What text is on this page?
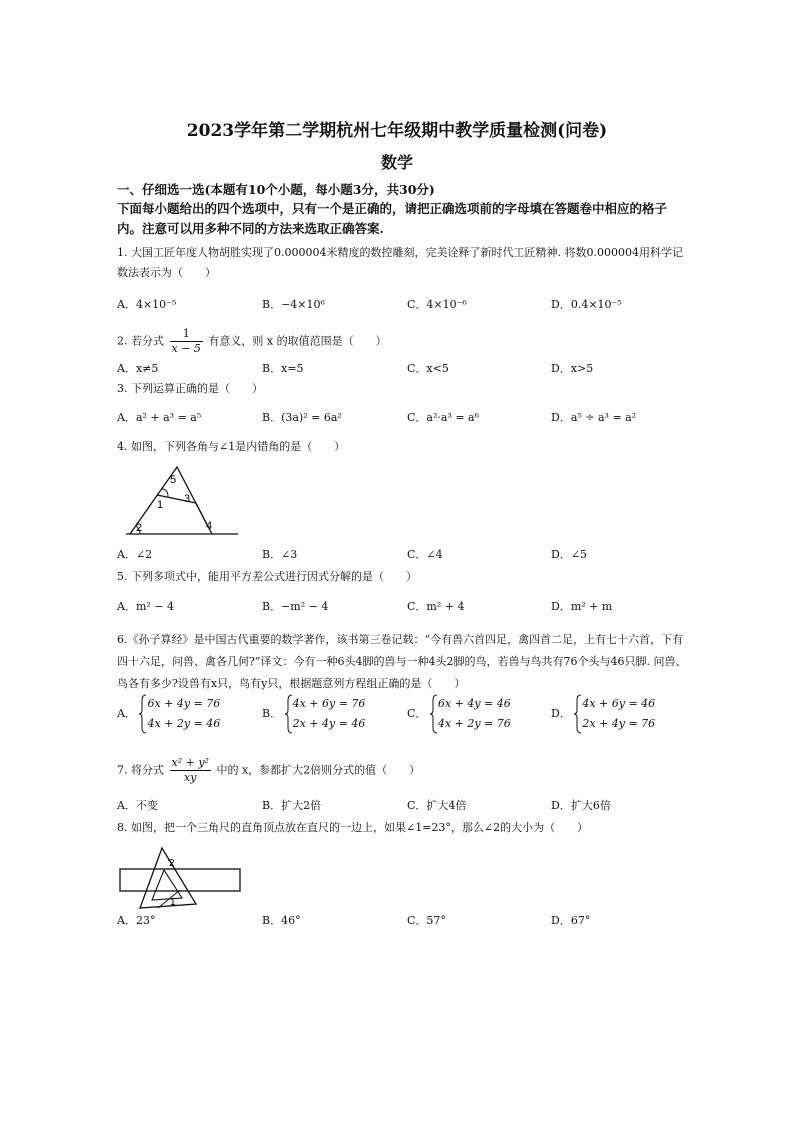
2023学年第二学期杭州七年级期中教学质量检测(问卷)
数学
一、仔细选一选(本题有10个小题，每小题3分，共30分)
下面每小题给出的四个选项中，只有一个是正确的，请把正确选项前的字母填在答题卷中相应的格子内。注意可以用多种不同的方法来选取正确答案.
1. 大国工匠年度人物胡胜实现了0.000004米精度的数控雕刻，完美诠释了新时代工匠精神. 将数0.000004用科学记数法表示为（　　）
A．4×10⁻⁵	B．−4×10⁶	C．4×10⁻⁶	D．0.4×10⁻⁵
2. 若分式 $\frac{1}{x - 5}$ 有意义，则 x 的取值范围是（　　）
A．x≠5	B．x=5	C．x<5	D．x>5
3. 下列运算正确的是（　　）
A．a² + a³ = a⁵	B．(3a)² = 6a²	C．a²·a³ = a⁶	D．a⁵ ÷ a³ = a²
4. 如图，下列各角与∠1是内错角的是（　　）
5
1 3
2	4
A．∠2	B．∠3	C．∠4	D．∠5
5. 下列多项式中，能用平方差公式进行因式分解的是（　　）
A．m² − 4	B．−m² − 4	C．m² + 4	D．m² + m
6.《孙子算经》是中国古代重要的数学著作，该书第三卷记载：“今有兽六首四足，禽四首二足，上有七十六首，下有四十六足，问兽、禽各几何?”译文：今有一种6头4脚的兽与一种4头2脚的鸟，若兽与鸟共有76个头与46只脚. 问兽、鸟各有多少?设兽有x只，鸟有y只，根据题意列方程组正确的是（　　）
A．
6x + 4y = 76
4x + 2y = 46
B．
4x + 6y = 76
2x + 4y = 46
C．
6x + 4y = 46
4x + 2y = 76
D．
4x + 6y = 46
2x + 4y = 76
7. 将分式 $\frac{\text{x² + y²}}{xy}$ 中的 x，参都扩大2倍则分式的值（　　）
A．不变	B．扩大2倍	C．扩大4倍	D．扩大6倍
8. 如图，把一个三角尺的直角顶点放在直尺的一边上，如果∠1=23°，那么∠2的大小为（　　）
2
1
A．23°	B．46°	C．57°	D．67°
